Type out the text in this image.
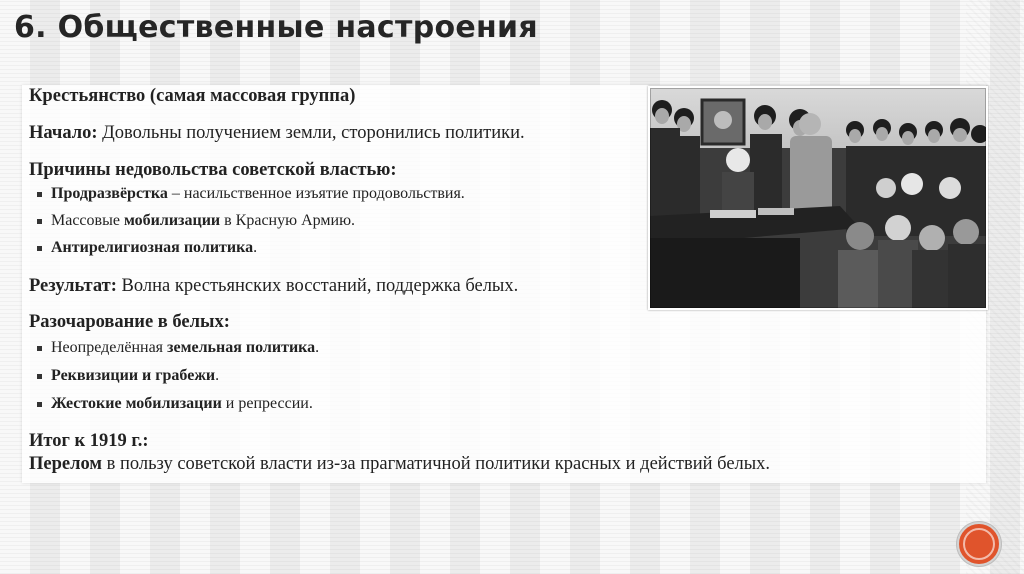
6. Общественные настроения
Крестьянство (самая массовая группа)
Начало: Довольны получением земли, сторонились политики.
Причины недовольства советской властью:
Продразвёрстка – насильственное изъятие продовольствия.
Массовые мобилизации в Красную Армию.
Антирелигиозная политика.
Результат: Волна крестьянских восстаний, поддержка белых.
Разочарование в белых:
Неопределённая земельная политика.
Реквизиции и грабежи.
Жестокие мобилизации и репрессии.
Итог к 1919 г.:
Перелом в пользу советской власти из-за прагматичной политики красных и действий белых.
